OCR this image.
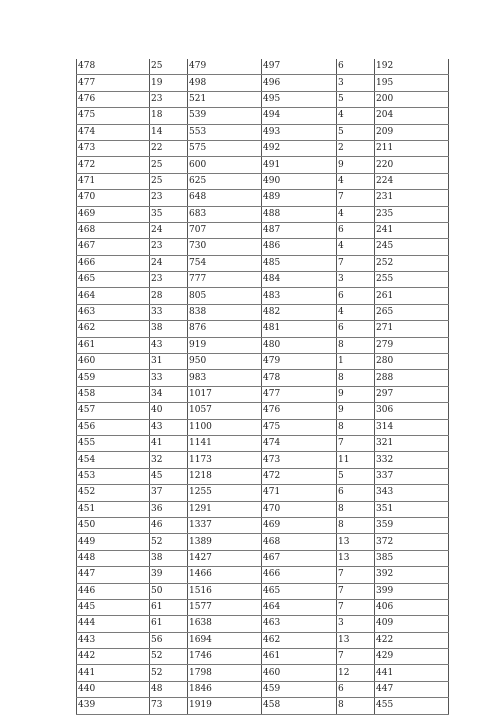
478	25	479	497	6	192
477	19	498	496	3	195
476	23	521	495	5	200
475	18	539	494	4	204
474	14	553	493	5	209
473	22	575	492	2	211
472	25	600	491	9	220
471	25	625	490	4	224
470	23	648	489	7	231
469	35	683	488	4	235
468	24	707	487	6	241
467	23	730	486	4	245
466	24	754	485	7	252
465	23	777	484	3	255
464	28	805	483	6	261
463	33	838	482	4	265
462	38	876	481	6	271
461	43	919	480	8	279
460	31	950	479	1	280
459	33	983	478	8	288
458	34	1017	477	9	297
457	40	1057	476	9	306
456	43	1100	475	8	314
455	41	1141	474	7	321
454	32	1173	473	11	332
453	45	1218	472	5	337
452	37	1255	471	6	343
451	36	1291	470	8	351
450	46	1337	469	8	359
449	52	1389	468	13	372
448	38	1427	467	13	385
447	39	1466	466	7	392
446	50	1516	465	7	399
445	61	1577	464	7	406
444	61	1638	463	3	409
443	56	1694	462	13	422
442	52	1746	461	7	429
441	52	1798	460	12	441
440	48	1846	459	6	447
439	73	1919	458	8	455
